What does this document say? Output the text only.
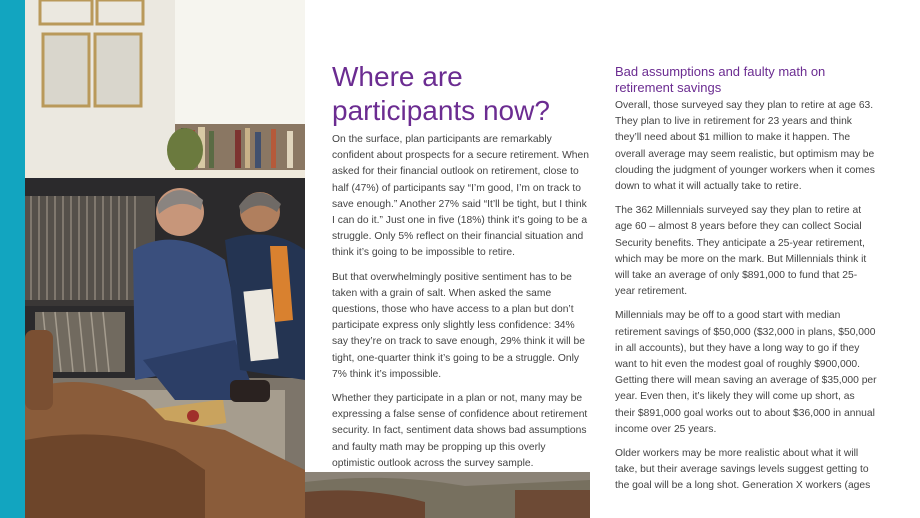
Where are participants now?

On the surface, plan participants are remarkably confident about prospects for a secure retirement. When asked for their financial outlook on retirement, close to half (47%) of participants say “I’m good, I’m on track to save enough.” Another 27% said “It’ll be tight, but I think I can do it.” Just one in five (18%) think it’s going to be a struggle. Only 5% reflect on their financial situation and think it’s going to be impossible to retire.

But that overwhelmingly positive sentiment has to be taken with a grain of salt. When asked the same questions, those who have access to a plan but don’t participate express only slightly less confidence: 34% say they’re on track to save enough, 29% think it will be tight, one-quarter think it’s going to be a struggle. Only 7% think it’s impossible.

Whether they participate in a plan or not, many may be expressing a false sense of confidence about retirement security. In fact, sentiment data shows bad assumptions and faulty math may be propping up this overly optimistic outlook across the survey sample.

Bad assumptions and faulty math on retirement savings

Overall, those surveyed say they plan to retire at age 63. They plan to live in retirement for 23 years and think they’ll need about $1 million to make it happen. The overall average may seem realistic, but optimism may be clouding the judgment of younger workers when it comes down to what it will actually take to retire.

The 362 Millennials surveyed say they plan to retire at age 60 – almost 8 years before they can collect Social Security benefits. They anticipate a 25-year retirement, which may be more on the mark. But Millennials think it will take an average of only $891,000 to fund that 25-year retirement.

Millennials may be off to a good start with median retirement savings of $50,000 ($32,000 in plans, $50,000 in all accounts), but they have a long way to go if they want to hit even the modest goal of roughly $900,000. Getting there will mean saving an average of $35,000 per year. Even then, it’s likely they will come up short, as their $891,000 goal works out to about $36,000 in annual income over 25 years.

Older workers may be more realistic about what it will take, but their average savings levels suggest getting to the goal will be a long shot. Generation X workers (ages
